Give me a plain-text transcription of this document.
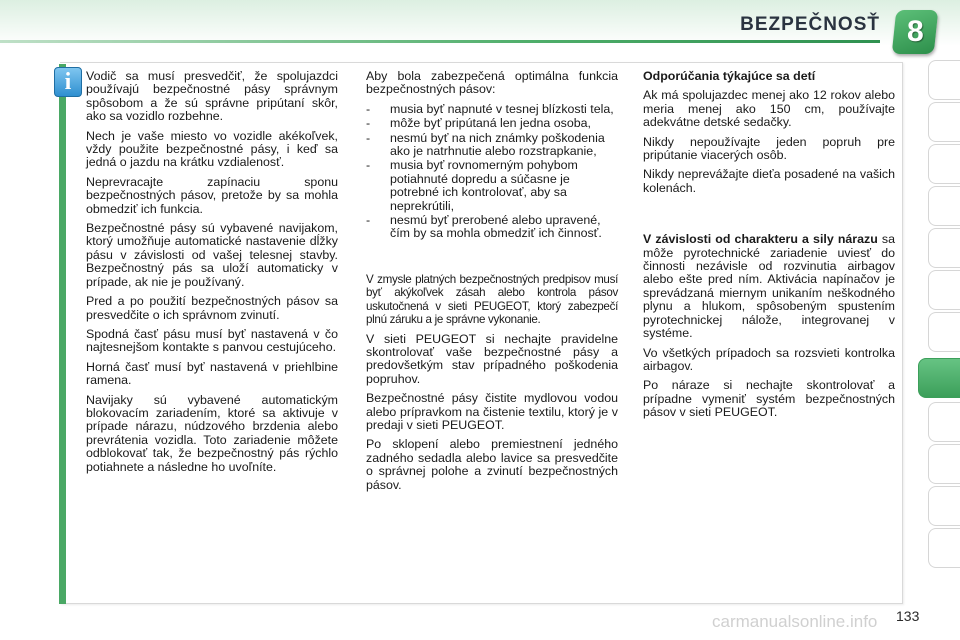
BEZPEČNOSŤ 8
i Vodič sa musí presvedčiť, že spolujazdci používajú bezpečnostné pásy správnym spôsobom a že sú správne pripútaní skôr, ako sa vozidlo rozbehne.

Nech je vaše miesto vo vozidle akékoľvek, vždy použite bezpečnostné pásy, i keď sa jedná o jazdu na krátku vzdialenosť.

Neprevracajte zapínaciu sponu bezpečnostných pásov, pretože by sa mohla obmedziť ich funkcia.

Bezpečnostné pásy sú vybavené navijakom, ktorý umožňuje automatické nastavenie dĺžky pásu v závislosti od vašej telesnej stavby. Bezpečnostný pás sa uloží automaticky v prípade, ak nie je používaný.

Pred a po použití bezpečnostných pásov sa presvedčite o ich správnom zvinutí.

Spodná časť pásu musí byť nastavená v čo najtesnejšom kontakte s panvou cestujúceho.

Horná časť musí byť nastavená v priehlbine ramena.

Navijaky sú vybavené automatickým blokovacím zariadením, ktoré sa aktivuje v prípade nárazu, núdzového brzdenia alebo prevrátenia vozidla. Toto zariadenie môžete odblokovať tak, že bezpečnostný pás rýchlo potiahnete a následne ho uvoľníte.

Aby bola zabezpečená optimálna funkcia bezpečnostných pásov:

- musia byť napnuté v tesnej blízkosti tela,
- môže byť pripútaná len jedna osoba,
- nesmú byť na nich známky poškodenia ako je natrhnutie alebo rozstrapkanie,
- musia byť rovnomerným pohybom potiahnuté dopredu a súčasne je potrebné ich kontrolovať, aby sa neprekrútili,
- nesmú byť prerobené alebo upravené, čím by sa mohla obmedziť ich činnosť.

V zmysle platných bezpečnostných predpisov musí byť akýkoľvek zásah alebo kontrola pásov uskutočnená v sieti PEUGEOT, ktorý zabezpečí plnú záruku a je správne vykonanie.

V sieti PEUGEOT si nechajte pravidelne skontrolovať vaše bezpečnostné pásy a predovšetkým stav prípadného poškodenia popruhov.

Bezpečnostné pásy čistite mydlovou vodou alebo prípravkom na čistenie textilu, ktorý je v predaji v sieti PEUGEOT.

Po sklopení alebo premiestnení jedného zadného sedadla alebo lavice sa presvedčite o správnej polohe a zvinutí bezpečnostných pásov.

Odporúčania týkajúce sa detí

Ak má spolujazdec menej ako 12 rokov alebo meria menej ako 150 cm, používajte adekvátne detské sedačky.

Nikdy nepoužívajte jeden popruh pre pripútanie viacerých osôb.

Nikdy neprevážajte dieťa posadené na vašich kolenách.

V závislosti od charakteru a sily nárazu sa môže pyrotechnické zariadenie uviesť do činnosti nezávisle od rozvinutia airbagov alebo ešte pred ním. Aktivácia napínačov je sprevádzaná miernym unikaním neškodného plynu a hlukom, spôsobeným spustením pyrotechnickej náložе, integrovanej v systéme.

Vo všetkých prípadoch sa rozsvieti kontrolka airbagov.

Po náraze si nechajte skontrolovať a prípadne vymeniť systém bezpečnostných pásov v sieti PEUGEOT.

carmanualsonline.info 133
